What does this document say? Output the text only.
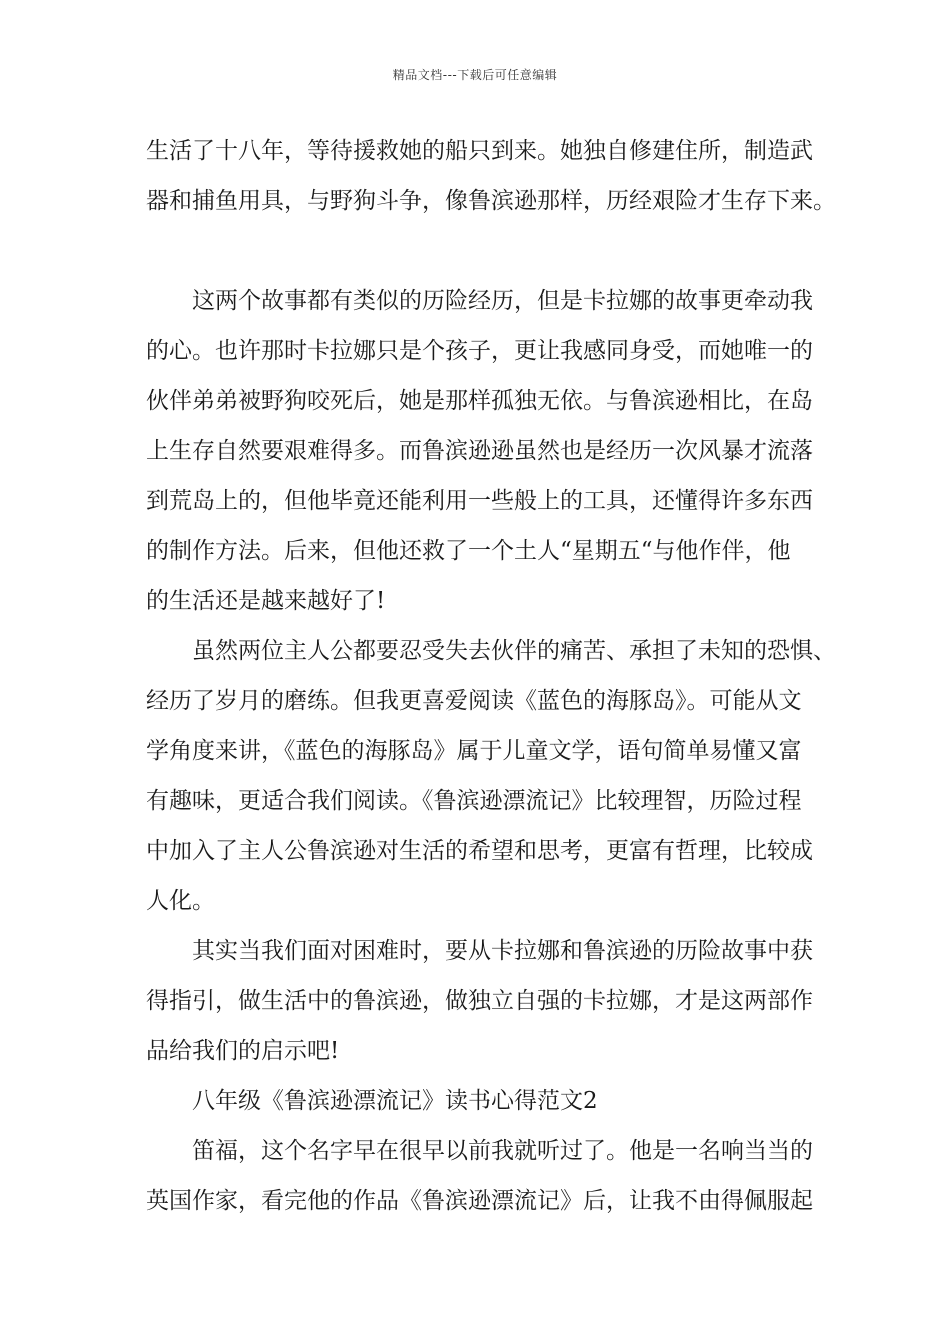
精品文档---下载后可任意编辑
生活了十八年，等待援救她的船只到来。她独自修建住所，制造武
器和捕鱼用具，与野狗斗争，像鲁滨逊那样，历经艰险才生存下来。
这两个故事都有类似的历险经历，但是卡拉娜的故事更牵动我
的心。也许那时卡拉娜只是个孩子，更让我感同身受，而她唯一的
伙伴弟弟被野狗咬死后，她是那样孤独无依。与鲁滨逊相比，在岛
上生存自然要艰难得多。而鲁滨逊逊虽然也是经历一次风暴才流落
到荒岛上的，但他毕竟还能利用一些般上的工具，还懂得许多东西
的制作方法。后来，但他还救了一个土人“星期五“与他作伴，他
的生活还是越来越好了!
虽然两位主人公都要忍受失去伙伴的痛苦、承担了未知的恐惧、
经历了岁月的磨练。但我更喜爱阅读《蓝色的海豚岛》。可能从文
学角度来讲，《蓝色的海豚岛》属于儿童文学，语句简单易懂又富
有趣味，更适合我们阅读。《鲁滨逊漂流记》比较理智，历险过程
中加入了主人公鲁滨逊对生活的希望和思考，更富有哲理，比较成
人化。
其实当我们面对困难时，要从卡拉娜和鲁滨逊的历险故事中获
得指引，做生活中的鲁滨逊，做独立自强的卡拉娜，才是这两部作
品给我们的启示吧!
八年级《鲁滨逊漂流记》读书心得范文2
笛福，这个名字早在很早以前我就听过了。他是一名响当当的
英国作家，看完他的作品《鲁滨逊漂流记》后，让我不由得佩服起
